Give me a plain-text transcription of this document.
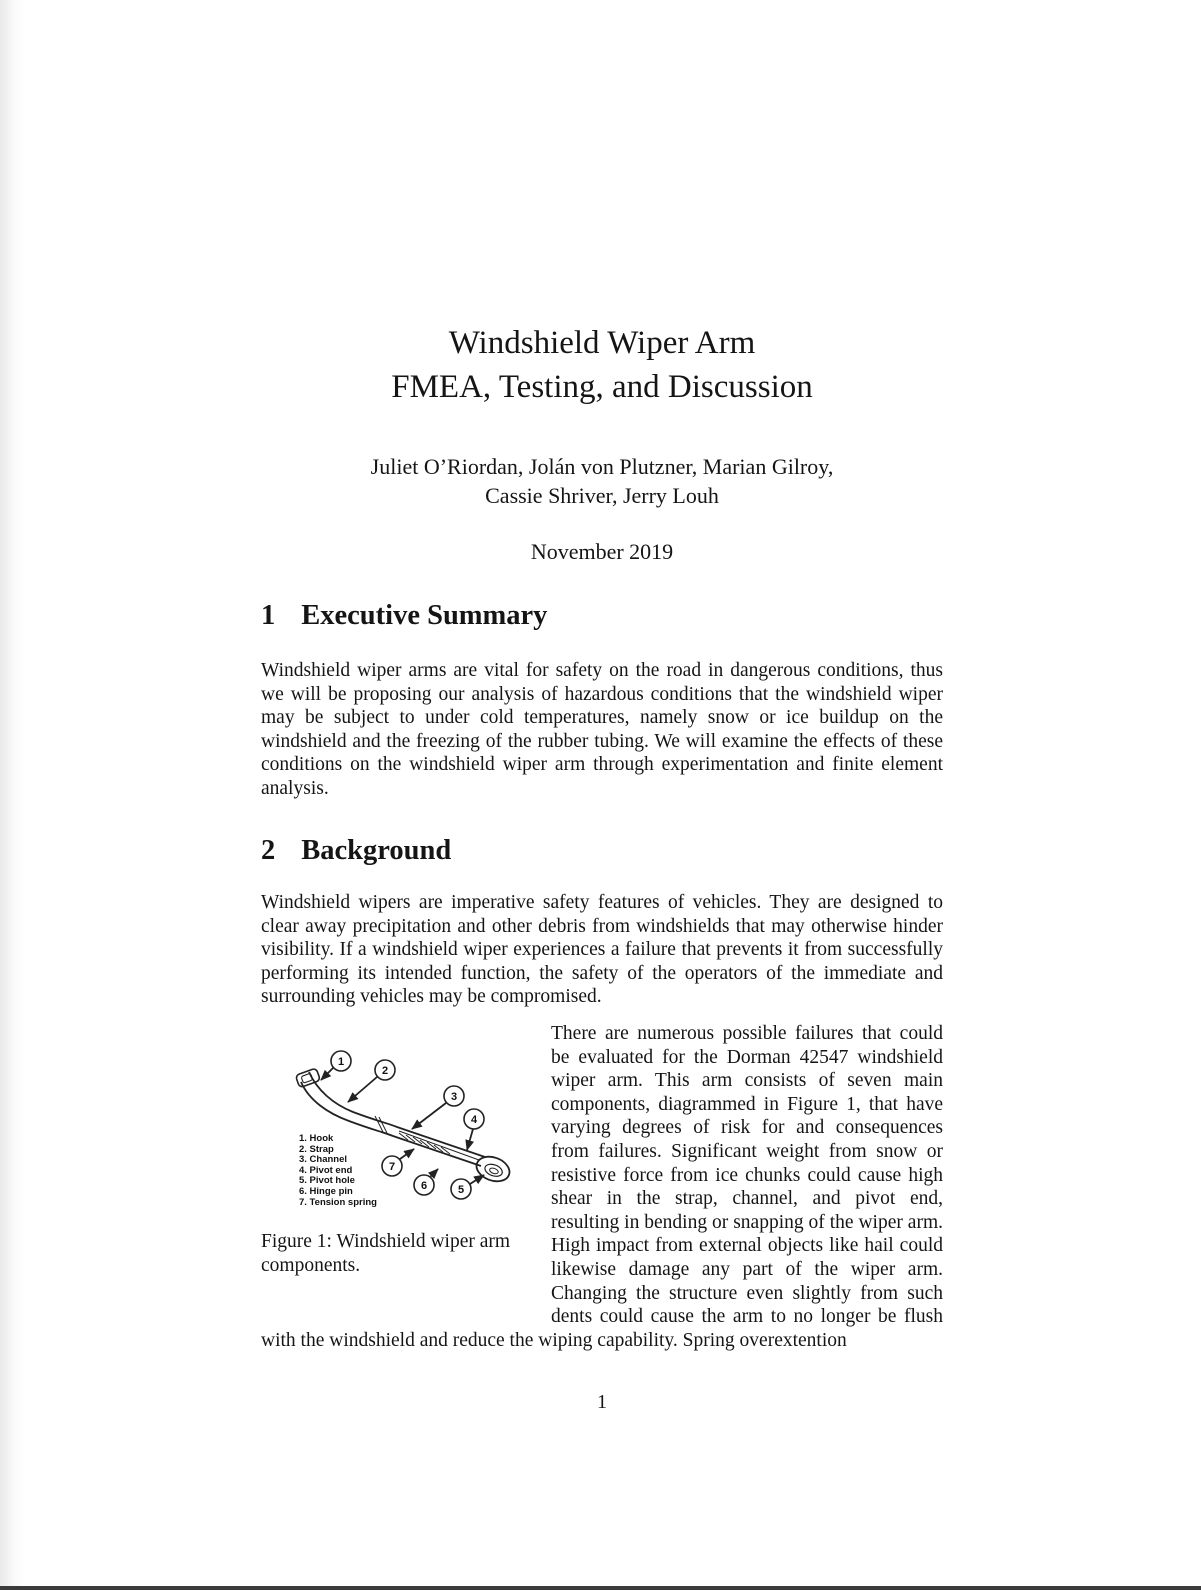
Windshield Wiper Arm
FMEA, Testing, and Discussion
Juliet O’Riordan, Jolán von Plutzner, Marian Gilroy,
Cassie Shriver, Jerry Louh
November 2019
1 Executive Summary

Windshield wiper arms are vital for safety on the road in dangerous conditions, thus we will be proposing our analysis of hazardous conditions that the windshield wiper may be subject to under cold temperatures, namely snow or ice buildup on the windshield and the freezing of the rubber tubing. We will examine the effects of these conditions on the windshield wiper arm through experimentation and finite element analysis.

2 Background

Windshield wipers are imperative safety features of vehicles. They are designed to clear away precipitation and other debris from windshields that may otherwise hinder visibility. If a windshield wiper experiences a failure that prevents it from successfully performing its intended function, the safety of the operators of the immediate and surrounding vehicles may be compromised.

1
2
3
4
5
6
7
1. Hook
2. Strap
3. Channel
4. Pivot end
5. Pivot hole
6. Hinge pin
7. Tension spring
Figure 1: Windshield wiper arm components.

There are numerous possible failures that could be evaluated for the Dorman 42547 windshield wiper arm. This arm consists of seven main components, diagrammed in Figure 1, that have varying degrees of risk for and consequences from failures. Significant weight from snow or resistive force from ice chunks could cause high shear in the strap, channel, and pivot end, resulting in bending or snapping of the wiper arm. High impact from external objects like hail could likewise damage any part of the wiper arm. Changing the structure even slightly from such dents could cause the arm to no longer be flush with the windshield and reduce the wiping capability. Spring overextention

1
